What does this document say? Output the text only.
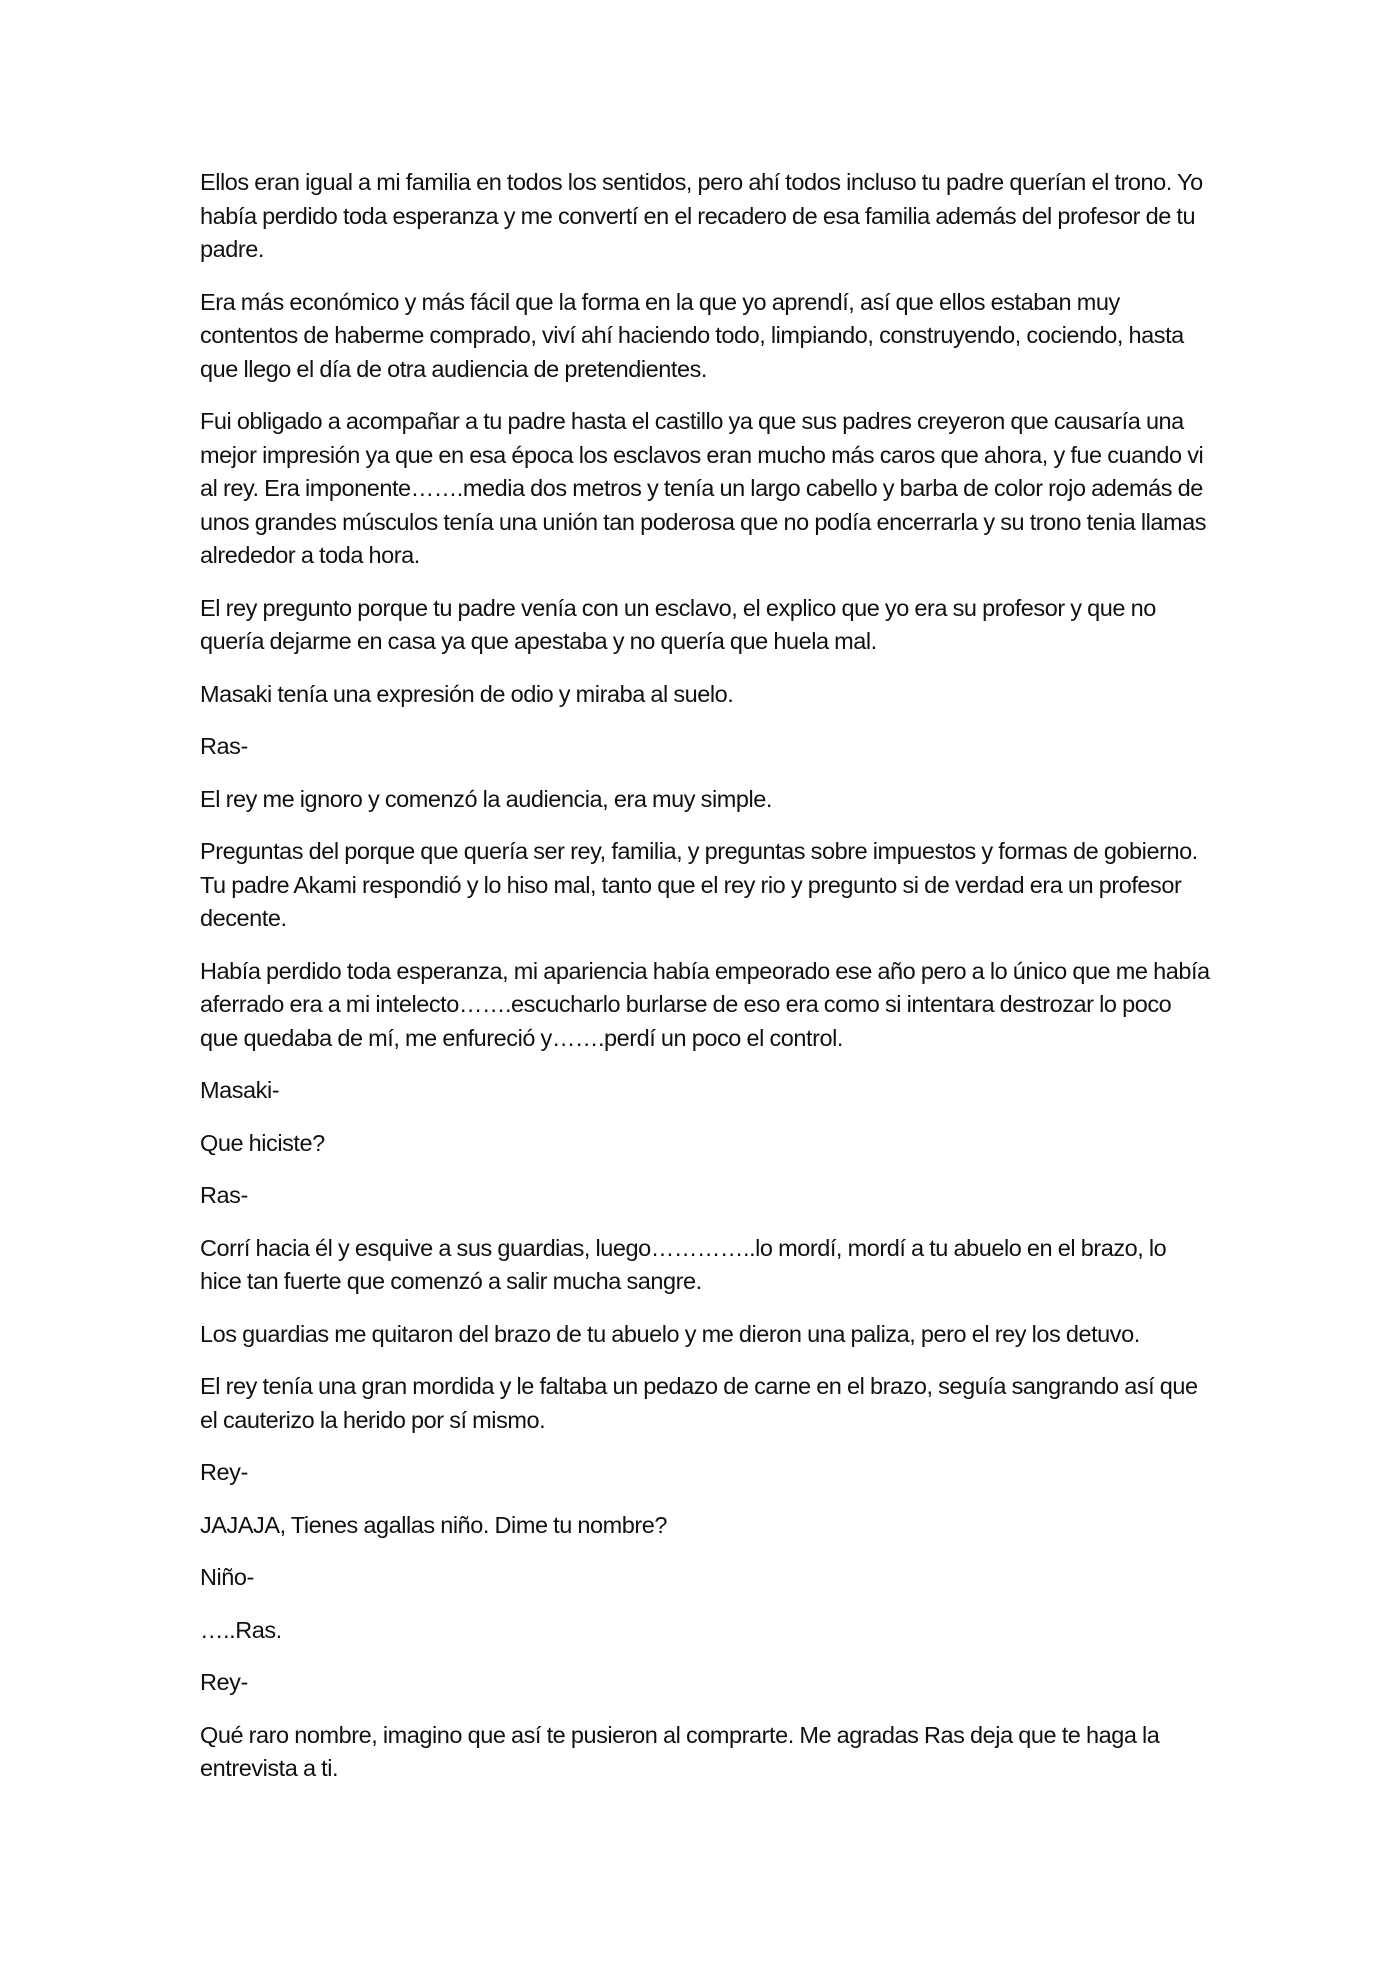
Ellos eran igual a mi familia en todos los sentidos, pero ahí todos incluso tu padre querían el trono. Yo había perdido toda esperanza y me convertí en el recadero de esa familia además del profesor de tu padre.

Era más económico y más fácil que la forma en la que yo aprendí, así que ellos estaban muy contentos de haberme comprado, viví ahí haciendo todo, limpiando, construyendo, cociendo, hasta que llego el día de otra audiencia de pretendientes.

Fui obligado a acompañar a tu padre hasta el castillo ya que sus padres creyeron que causaría una mejor impresión ya que en esa época los esclavos eran mucho más caros que ahora, y fue cuando vi al rey. Era imponente…….media dos metros y tenía un largo cabello y barba de color rojo además de unos grandes músculos tenía una unión tan poderosa que no podía encerrarla y su trono tenia llamas alrededor a toda hora.

El rey pregunto porque tu padre venía con un esclavo, el explico que yo era su profesor y que no quería dejarme en casa ya que apestaba y no quería que huela mal.

Masaki tenía una expresión de odio y miraba al suelo.

Ras-

El rey me ignoro y comenzó la audiencia, era muy simple.

Preguntas del porque que quería ser rey, familia, y preguntas sobre impuestos y formas de gobierno. Tu padre Akami respondió y lo hiso mal, tanto que el rey rio y pregunto si de verdad era un profesor decente.

Había perdido toda esperanza, mi apariencia había empeorado ese año pero a lo único que me había aferrado era a mi intelecto…….escucharlo burlarse de eso era como si intentara destrozar lo poco que quedaba de mí, me enfureció y…….perdí un poco el control.

Masaki-

Que hiciste?

Ras-

Corrí hacia él y esquive a sus guardias, luego…………..lo mordí, mordí a tu abuelo en el brazo, lo hice tan fuerte que comenzó a salir mucha sangre.

Los guardias me quitaron del brazo de tu abuelo y me dieron una paliza, pero el rey los detuvo.

El rey tenía una gran mordida y le faltaba un pedazo de carne en el brazo, seguía sangrando así que el cauterizo la herido por sí mismo.

Rey-

JAJAJA, Tienes agallas niño. Dime tu nombre?

Niño-

…..Ras.

Rey-

Qué raro nombre, imagino que así te pusieron al comprarte. Me agradas Ras deja que te haga la entrevista a ti.
